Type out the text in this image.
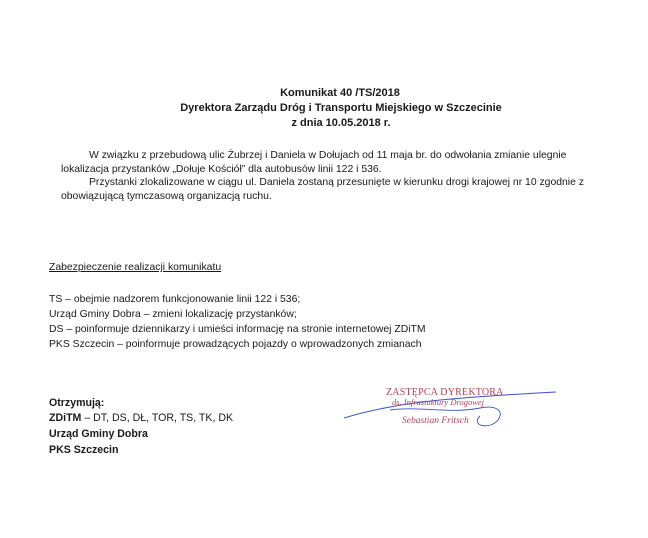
Komunikat 40 /TS/2018
Dyrektora Zarządu Dróg i Transportu Miejskiego w Szczecinie
z dnia 10.05.2018 r.
W związku z przebudową ulic Żubrzej i Daniela w Dołujach od 11 maja br. do odwołania zmianie ulegnie lokalizacja przystanków „Dołuje Kościół” dla autobusów linii 122 i 536.
Przystanki zlokalizowane w ciągu ul. Daniela zostaną przesunięte w kierunku drogi krajowej nr 10 zgodnie z obowiązującą tymczasową organizacją ruchu.
Zabezpieczenie realizacji komunikatu
TS – obejmie nadzorem funkcjonowanie linii 122 i 536;
Urząd Gminy Dobra – zmieni lokalizację przystanków;
DS – poinformuje dziennikarzy i umieści informację na stronie internetowej ZDiTM
PKS Szczecin – poinformuje prowadzących pojazdy o wprowadzonych zmianach
Otrzymują:
ZDiTM – DT, DS, DŁ, TOR, TS, TK, DK
Urząd Gminy Dobra
PKS Szczecin
ZASTĘPCA DYREKTORA
ds. Infrastuktury Drogowej
Sebastian Fritsch
